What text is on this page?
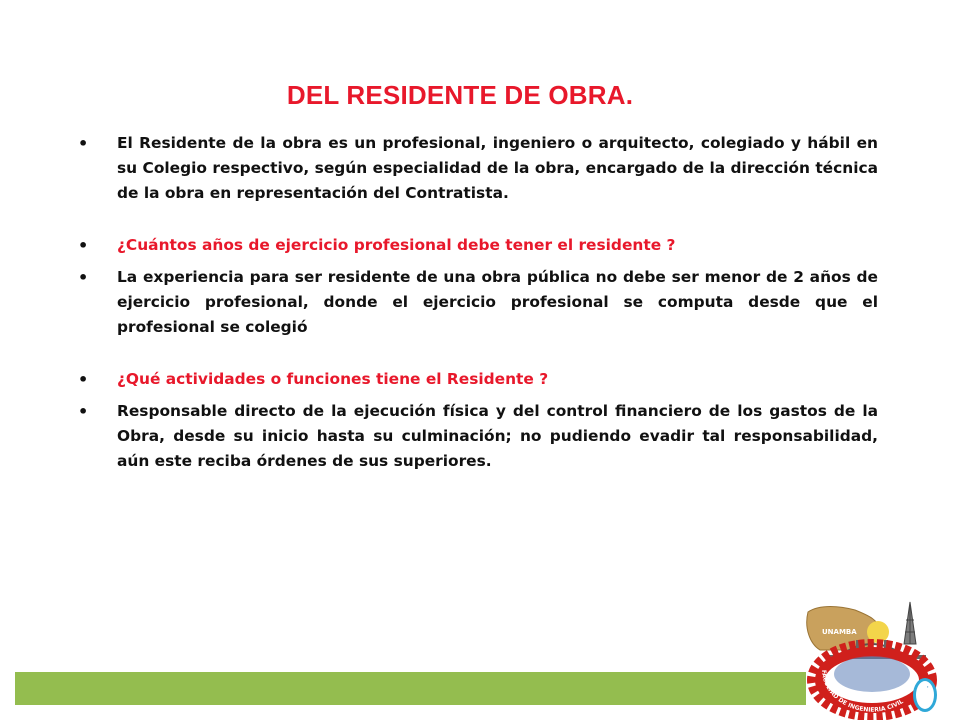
DEL RESIDENTE DE OBRA.
• El Residente de la obra es un profesional, ingeniero o arquitecto, colegiado y hábil en su Colegio respectivo, según especialidad de la obra, encargado de la dirección técnica de la obra en representación del Contratista.
• ¿Cuántos años de ejercicio profesional debe tener el residente ?
• La experiencia para ser residente de una obra pública no debe ser menor de 2 años de ejercicio profesional, donde el ejercicio profesional se computa desde que el profesional se colegió
• ¿Qué actividades o funciones tiene el Residente ?
• Responsable directo de la ejecución física y del control financiero de los gastos de la Obra, desde su inicio hasta su culminación; no pudiendo evadir tal responsabilidad, aún este reciba órdenes de sus superiores.
UNAMBA
FACULTAD DE INGENIERIA CIVIL
'
